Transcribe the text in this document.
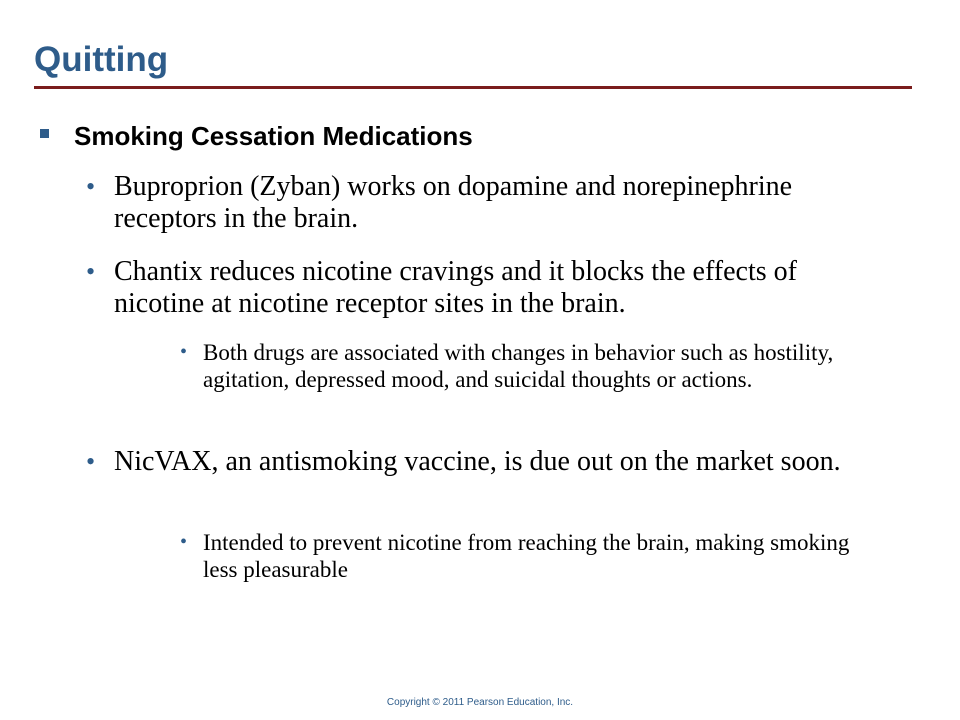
Quitting
Smoking Cessation Medications
• Buproprion (Zyban) works on dopamine and norepinephrine receptors in the brain.
• Chantix reduces nicotine cravings and it blocks the effects of nicotine at nicotine receptor sites in the brain.
• Both drugs are associated with changes in behavior such as hostility, agitation, depressed mood, and suicidal thoughts or actions.
• NicVAX, an antismoking vaccine, is due out on the market soon.
• Intended to prevent nicotine from reaching the brain, making smoking less pleasurable
Copyright © 2011 Pearson Education, Inc.
